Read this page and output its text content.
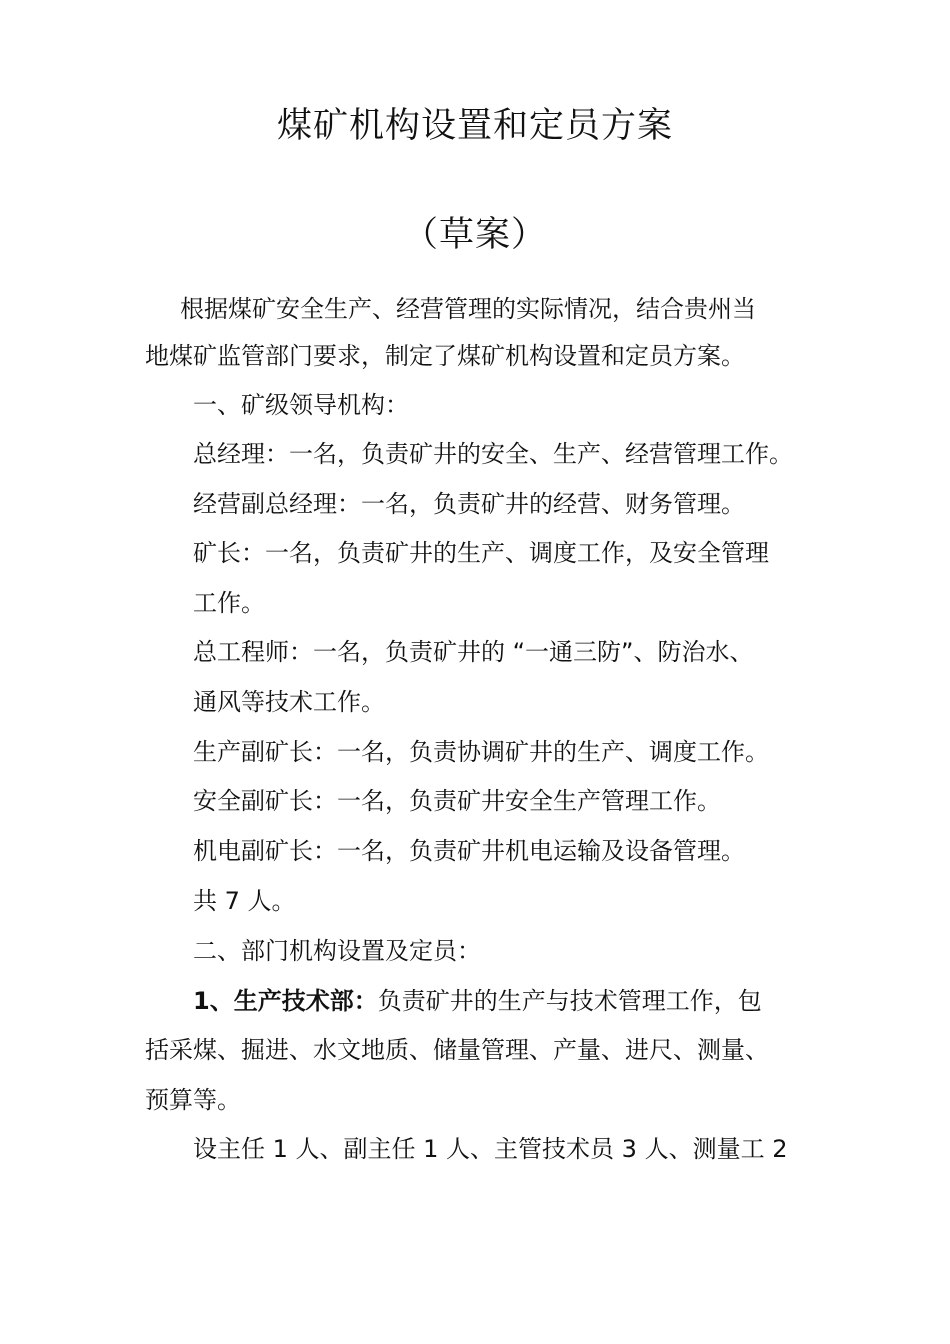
煤矿机构设置和定员方案
（草案）
根据煤矿安全生产、经营管理的实际情况，结合贵州当
地煤矿监管部门要求，制定了煤矿机构设置和定员方案。
一、矿级领导机构：
总经理：一名，负责矿井的安全、生产、经营管理工作。
经营副总经理：一名，负责矿井的经营、财务管理。
矿长：一名，负责矿井的生产、调度工作，及安全管理
工作。
总工程师：一名，负责矿井的 “一通三防”、防治水、
通风等技术工作。
生产副矿长：一名，负责协调矿井的生产、调度工作。
安全副矿长：一名，负责矿井安全生产管理工作。
机电副矿长：一名，负责矿井机电运输及设备管理。
共 7 人。
二、部门机构设置及定员：
1、生产技术部：负责矿井的生产与技术管理工作，包
括采煤、掘进、水文地质、储量管理、产量、进尺、测量、
预算等。
设主任 1 人、副主任 1 人、主管技术员 3 人、测量工 2
